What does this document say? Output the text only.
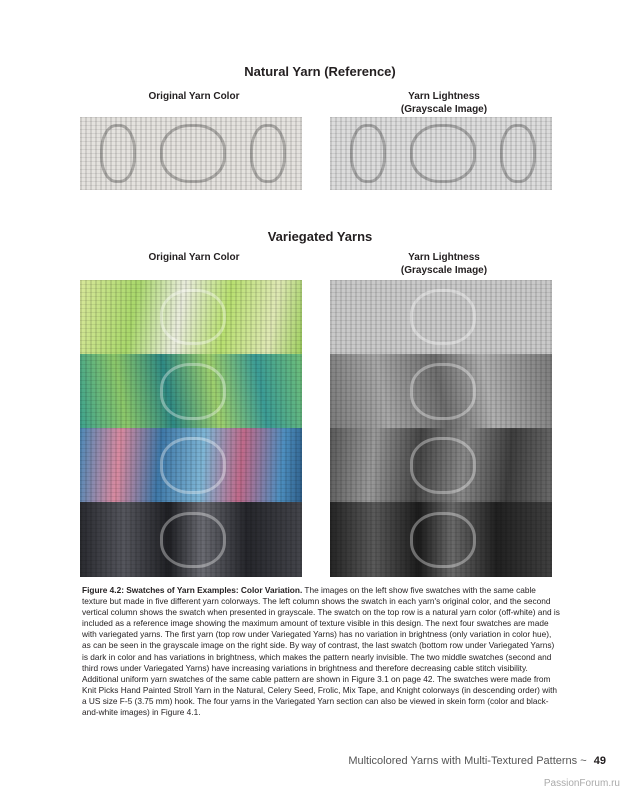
Natural Yarn (Reference)
Original Yarn Color	Yarn Lightness
(Grayscale Image)
Variegated Yarns
Original Yarn Color	Yarn Lightness
(Grayscale Image)
Figure 4.2: Swatches of Yarn Examples: Color Variation. The images on the left show five swatches with the same cable texture but made in five different yarn colorways. The left column shows the swatch in each yarn's original color, and the second vertical column shows the swatch when presented in grayscale. The swatch on the top row is a natural yarn color (off-white) and is included as a reference image showing the maximum amount of texture visible in this design. The next four swatches are made with variegated yarns. The first yarn (top row under Variegated Yarns) has no variation in brightness (only variation in color hue), as can be seen in the grayscale image on the right side. By way of contrast, the last swatch (bottom row under Variegated Yarns) is dark in color and has variations in brightness, which makes the pattern nearly invisible. The two middle swatches (second and third rows under Variegated Yarns) have increasing variations in brightness and therefore decreasing cable stitch visibility. Additional uniform yarn swatches of the same cable pattern are shown in Figure 3.1 on page 42. The swatches were made from Knit Picks Hand Painted Stroll Yarn in the Natural, Celery Seed, Frolic, Mix Tape, and Knight colorways (in descending order) with a US size F-5 (3.75 mm) hook. The four yarns in the Variegated Yarn section can also be viewed in skein form (color and black-and-white images) in Figure 4.1.
Multicolored Yarns with Multi-Textured Patterns ~ 49
PassionForum.ru
